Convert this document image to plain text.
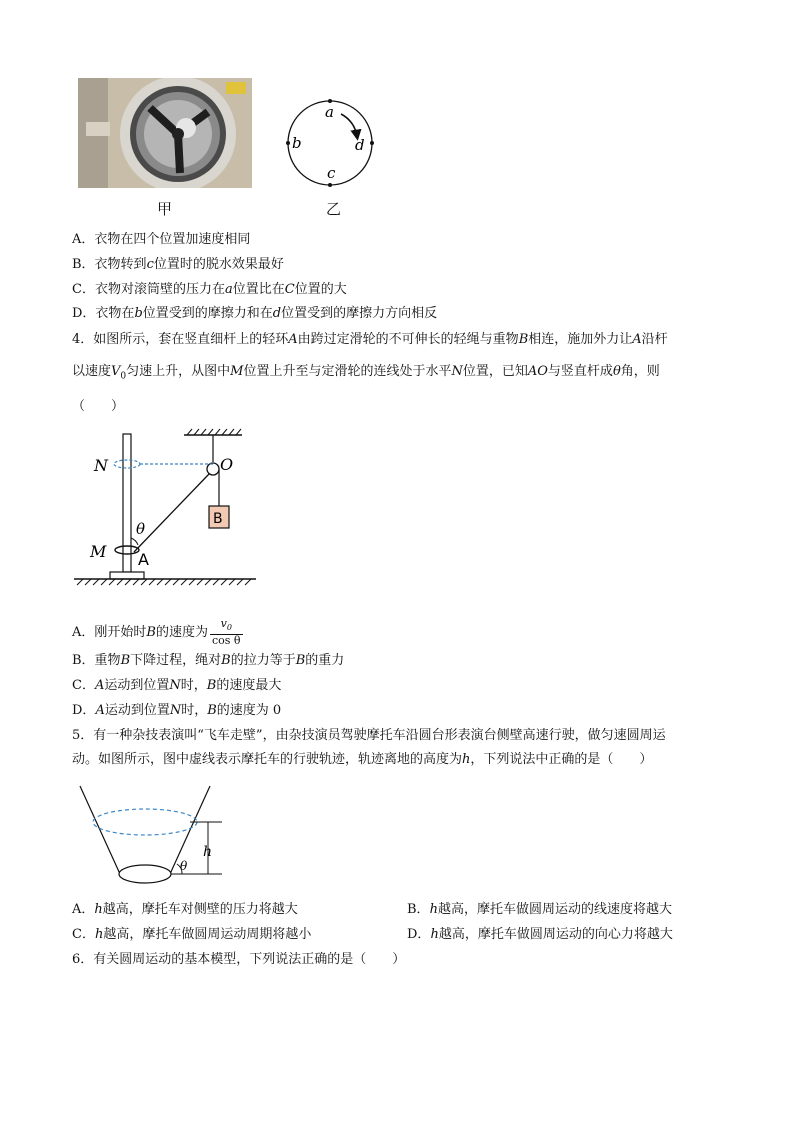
甲
a
b	d
c
乙
A．衣物在四个位置加速度相同
B．衣物转到c位置时的脱水效果最好
C．衣物对滚筒壁的压力在a位置比在C位置的大
D．衣物在b位置受到的摩擦力和在d位置受到的摩擦力方向相反
4．如图所示，套在竖直细杆上的轻环A由跨过定滑轮的不可伸长的轻绳与重物B相连，施加外力让A沿杆
以速度$V_0$匀速上升，从图中M位置上升至与定滑轮的连线处于水平N位置，已知AO与竖直杆成θ角，则
（　　）
B
N	O
θ
M A
A．刚开始时B的速度为 $\frac{v_0}{\text{cos θ}}$
B．重物B下降过程，绳对B的拉力等于B的重力
C．A运动到位置N时，B的速度最大
D．A运动到位置N时，B的速度为 0
5．有一种杂技表演叫“飞车走壁”，由杂技演员驾驶摩托车沿圆台形表演台侧壁高速行驶，做匀速圆周运
动。如图所示，图中虚线表示摩托车的行驶轨迹，轨迹离地的高度为h，下列说法中正确的是（　　）
h
θ
A．h越高，摩托车对侧壁的压力将越大	B．h越高，摩托车做圆周运动的线速度将越大
C．h越高，摩托车做圆周运动周期将越小	D．h越高，摩托车做圆周运动的向心力将越大
6．有关圆周运动的基本模型，下列说法正确的是（　　）
